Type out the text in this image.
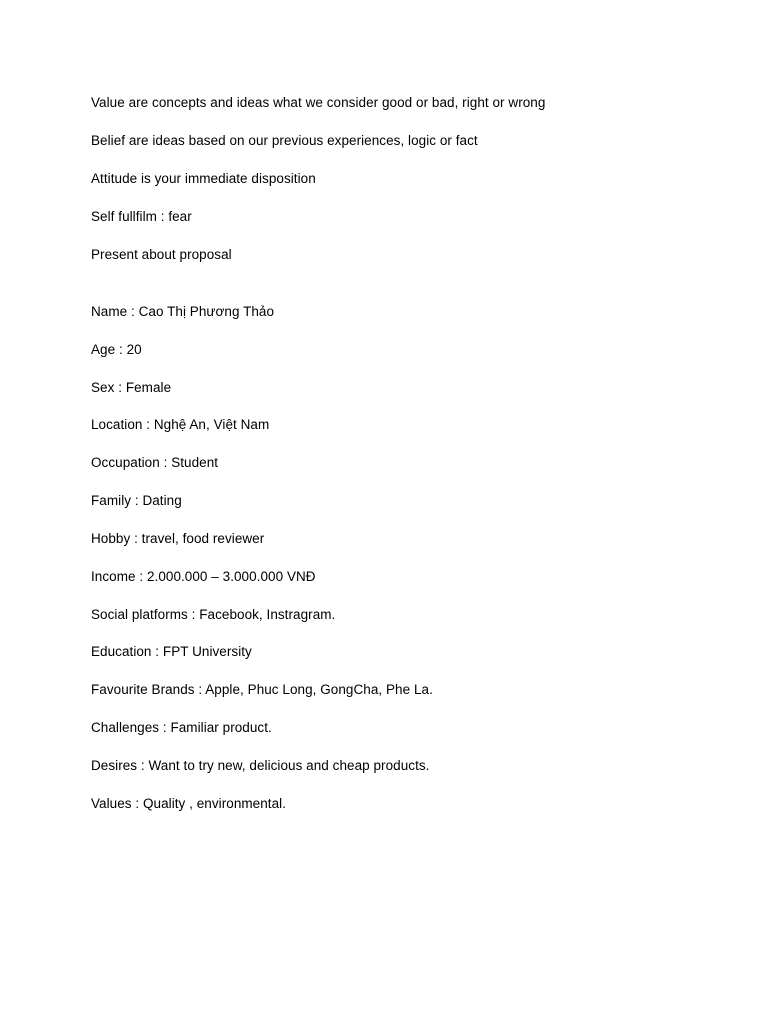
Value are concepts and ideas what we consider good or bad, right or wrong
Belief are ideas based on our previous experiences, logic or fact
Attitude is your immediate disposition
Self fullfilm : fear
Present about proposal
Name : Cao Thị Phương Thảo
Age : 20
Sex : Female
Location : Nghệ An, Việt Nam
Occupation : Student
Family : Dating
Hobby : travel, food reviewer
Income : 2.000.000 – 3.000.000 VNĐ
Social platforms : Facebook, Instragram.
Education : FPT University
Favourite Brands : Apple, Phuc Long, GongCha, Phe La.
Challenges : Familiar product.
Desires : Want to try new, delicious and cheap products.
Values : Quality , environmental.
